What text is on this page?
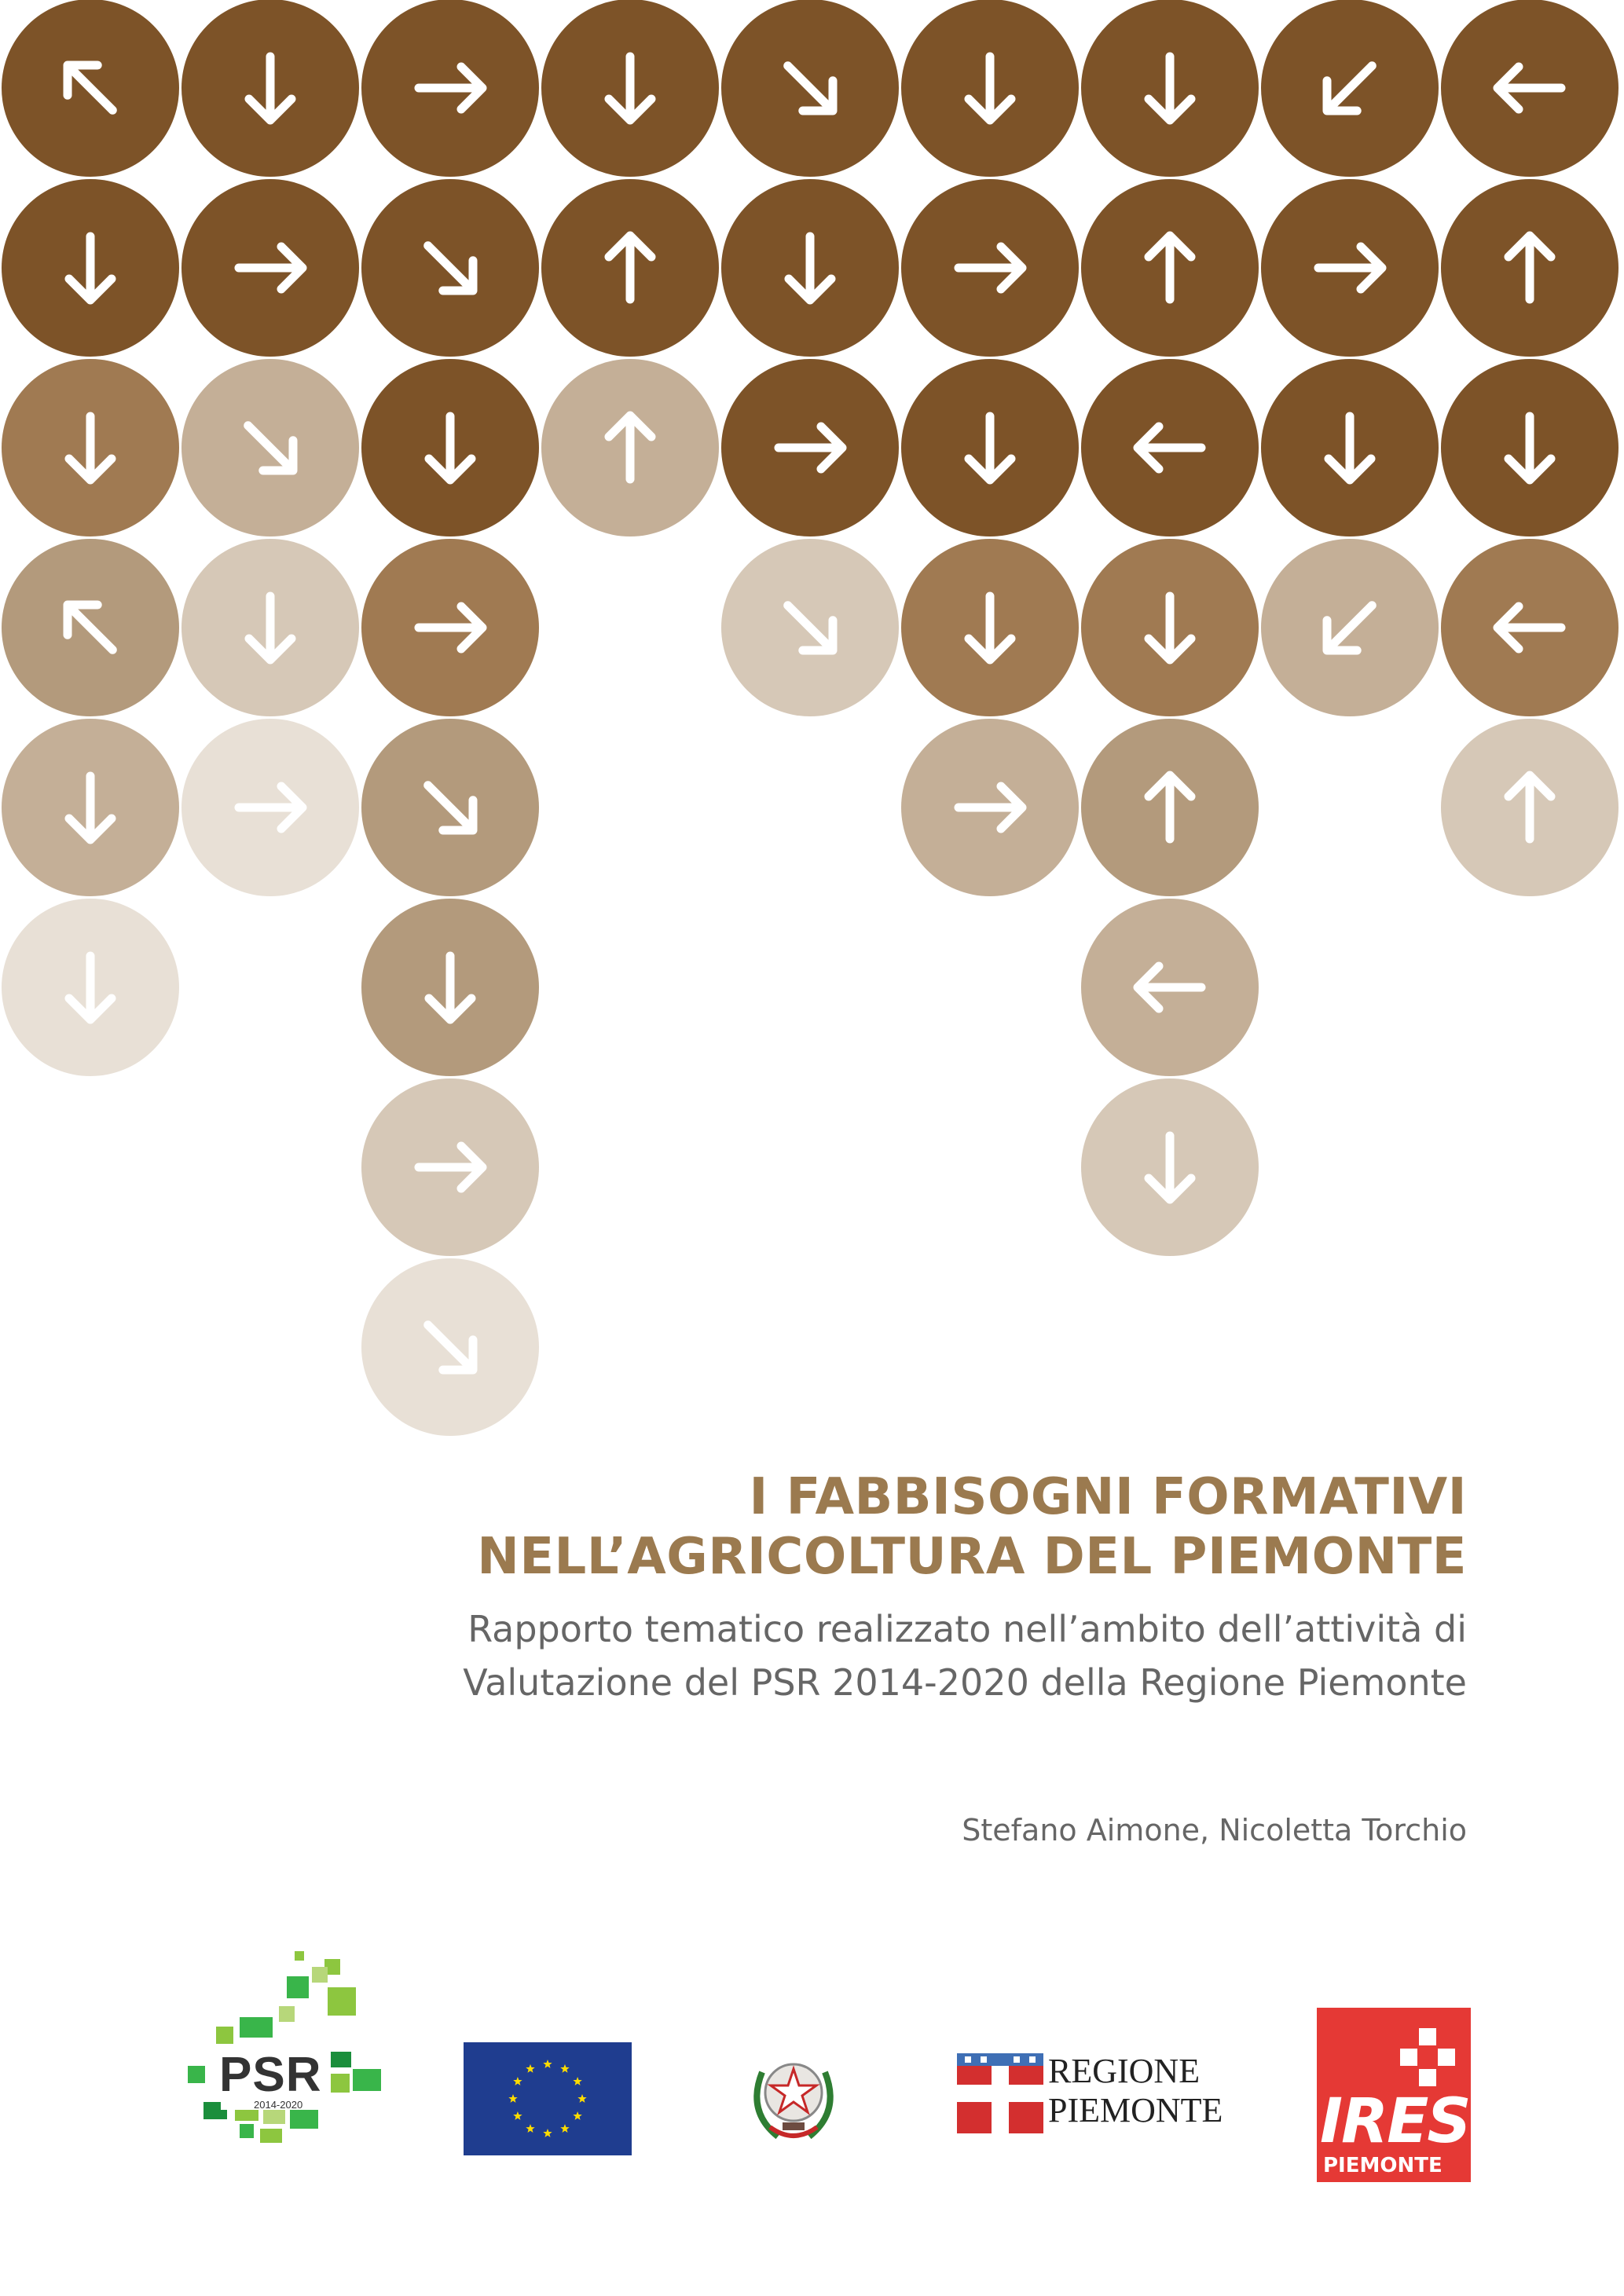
I FABBISOGNI FORMATIVI
NELL’AGRICOLTURA DEL PIEMONTE
Rapporto tematico realizzato nell’ambito dell’attività di
Valutazione del PSR 2014-2020 della Regione Piemonte
Stefano Aimone, Nicoletta Torchio
PSR
2014-2020
REGIONE
PIEMONTE IRES
PIEMONTE
